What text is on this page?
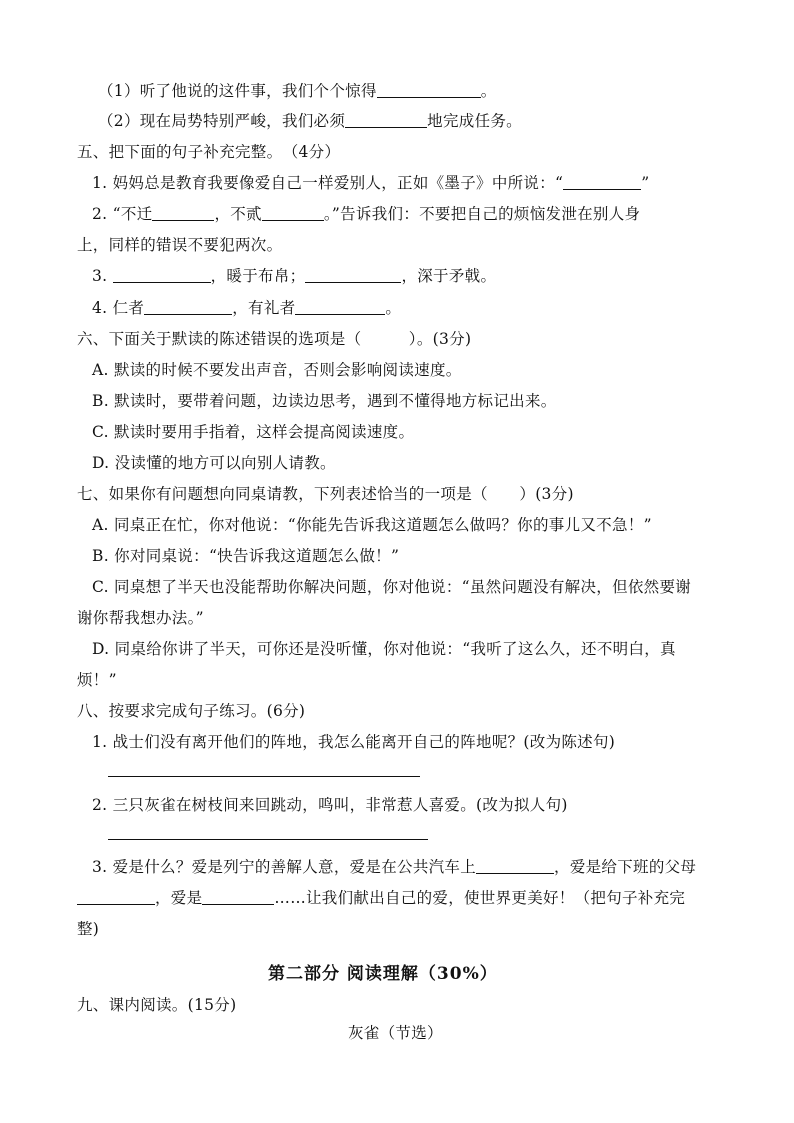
（1）听了他说的这件事，我们个个惊得	。
（2）现在局势特别严峻，我们必须	地完成任务。
五、把下面的句子补充完整。　（4分）
1. 妈妈总是教育我要像爱自己一样爱别人，正如《墨子》中所说：“	”
2. “不迁	，不贰	。”告诉我们：不要把自己的烦恼发泄在别人身
上，同样的错误不要犯两次。
3.	，暖于布帛；	，深于矛戟。
4. 仁者	，有礼者	。
六、下面关于默读的陈述错误的选项是（　　　）。(3分)
A. 默读的时候不要发出声音，否则会影响阅读速度。
B. 默读时，要带着问题，边读边思考，遇到不懂得地方标记出来。
C. 默读时要用手指着，这样会提高阅读速度。
D. 没读懂的地方可以向别人请教。
七、如果你有问题想向同桌请教，下列表述恰当的一项是（　　）(3分)
A. 同桌正在忙，你对他说：“你能先告诉我这道题怎么做吗？你的事儿又不急！”
B. 你对同桌说：“快告诉我这道题怎么做！”
C. 同桌想了半天也没能帮助你解决问题，你对他说：“虽然问题没有解决，但依然要谢
谢你帮我想办法。”
D. 同桌给你讲了半天，可你还是没听懂，你对他说：“我听了这么久，还不明白，真
烦！”
八、按要求完成句子练习。(6分)
1. 战士们没有离开他们的阵地，我怎么能离开自己的阵地呢？(改为陈述句)
2. 三只灰雀在树枝间来回跳动，鸣叫，非常惹人喜爱。(改为拟人句)
3. 爱是什么？爱是列宁的善解人意，爱是在公共汽车上	，爱是给下班的父母
，爱是	……让我们献出自己的爱，使世界更美好！（把句子补充完
整)
第二部分 阅读理解（30%）
九、课内阅读。(15分)
灰雀（节选）
